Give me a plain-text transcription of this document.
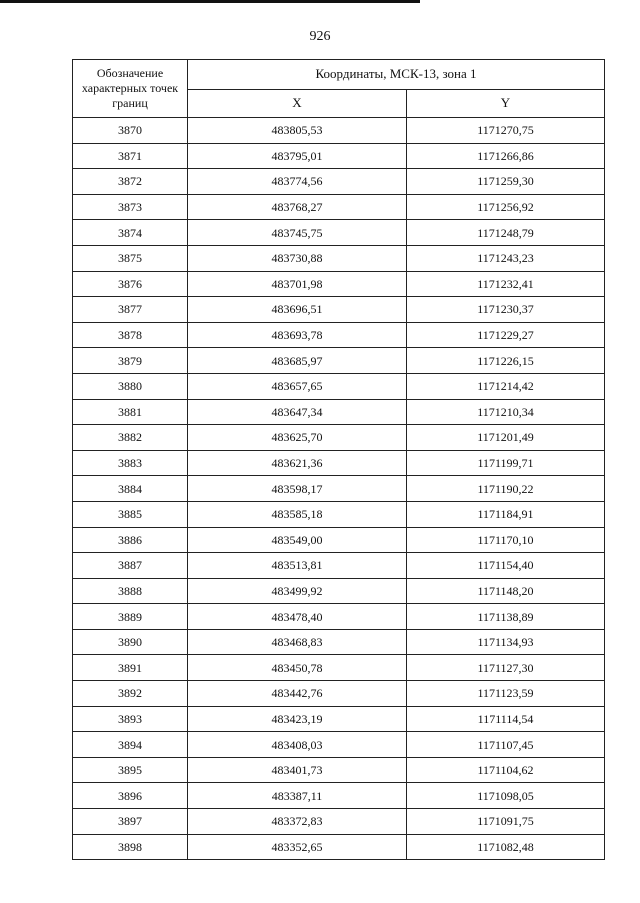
926
Обозначение характерных точек границ	Координаты, МСК-13, зона 1	
	X	Y
3870	483805,53	1171270,75
3871	483795,01	1171266,86
3872	483774,56	1171259,30
3873	483768,27	1171256,92
3874	483745,75	1171248,79
3875	483730,88	1171243,23
3876	483701,98	1171232,41
3877	483696,51	1171230,37
3878	483693,78	1171229,27
3879	483685,97	1171226,15
3880	483657,65	1171214,42
3881	483647,34	1171210,34
3882	483625,70	1171201,49
3883	483621,36	1171199,71
3884	483598,17	1171190,22
3885	483585,18	1171184,91
3886	483549,00	1171170,10
3887	483513,81	1171154,40
3888	483499,92	1171148,20
3889	483478,40	1171138,89
3890	483468,83	1171134,93
3891	483450,78	1171127,30
3892	483442,76	1171123,59
3893	483423,19	1171114,54
3894	483408,03	1171107,45
3895	483401,73	1171104,62
3896	483387,11	1171098,05
3897	483372,83	1171091,75
3898	483352,65	1171082,48
